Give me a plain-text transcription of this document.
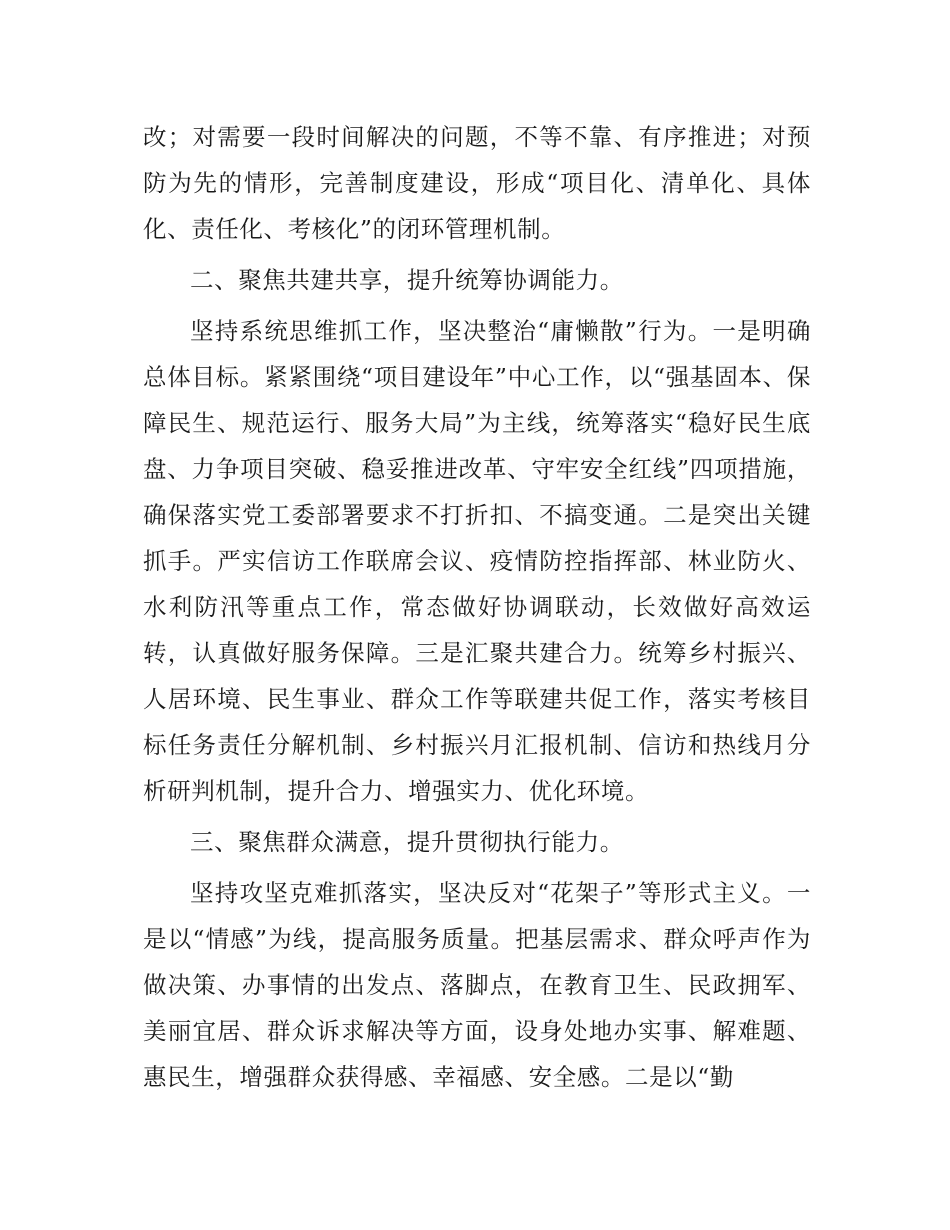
改；对需要一段时间解决的问题，不等不靠、有序推进；对预防为先的情形，完善制度建设，形成“项目化、清单化、具体化、责任化、考核化”的闭环管理机制。

二、聚焦共建共享，提升统筹协调能力。

坚持系统思维抓工作，坚决整治“庸懒散”行为。一是明确总体目标。紧紧围绕“项目建设年”中心工作，以“强基固本、保障民生、规范运行、服务大局”为主线，统筹落实“稳好民生底盘、力争项目突破、稳妥推进改革、守牢安全红线”四项措施，确保落实党工委部署要求不打折扣、不搞变通。二是突出关键抓手。严实信访工作联席会议、疫情防控指挥部、林业防火、水利防汛等重点工作，常态做好协调联动，长效做好高效运转，认真做好服务保障。三是汇聚共建合力。统筹乡村振兴、人居环境、民生事业、群众工作等联建共促工作，落实考核目标任务责任分解机制、乡村振兴月汇报机制、信访和热线月分析研判机制，提升合力、增强实力、优化环境。

三、聚焦群众满意，提升贯彻执行能力。

坚持攻坚克难抓落实，坚决反对“花架子”等形式主义。一是以“情感”为线，提高服务质量。把基层需求、群众呼声作为做决策、办事情的出发点、落脚点，在教育卫生、民政拥军、美丽宜居、群众诉求解决等方面，设身处地办实事、解难题、惠民生，增强群众获得感、幸福感、安全感。二是以“勤
